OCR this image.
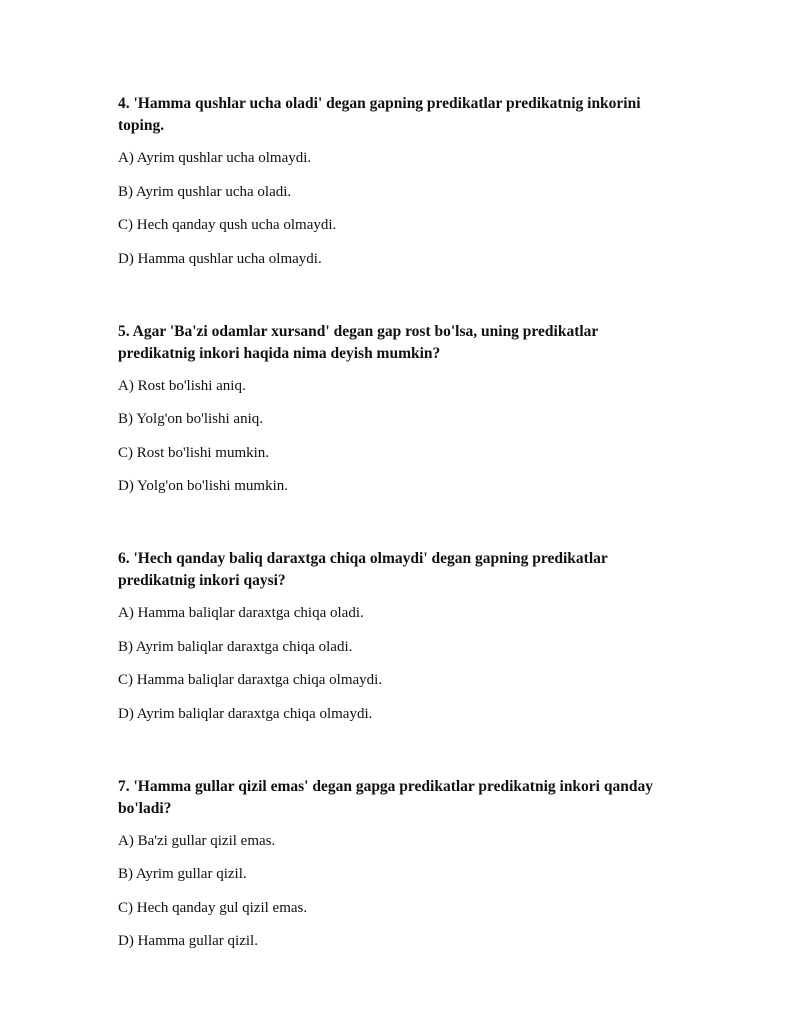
4. 'Hamma qushlar ucha oladi' degan gapning predikatlar predikatnig inkorini toping.
A) Ayrim qushlar ucha olmaydi.
B) Ayrim qushlar ucha oladi.
C) Hech qanday qush ucha olmaydi.
D) Hamma qushlar ucha olmaydi.
5. Agar 'Ba'zi odamlar xursand' degan gap rost bo'lsa, uning predikatlar predikatnig inkori haqida nima deyish mumkin?
A) Rost bo'lishi aniq.
B) Yolg'on bo'lishi aniq.
C) Rost bo'lishi mumkin.
D) Yolg'on bo'lishi mumkin.
6. 'Hech qanday baliq daraxtga chiqa olmaydi' degan gapning predikatlar predikatnig inkori qaysi?
A) Hamma baliqlar daraxtga chiqa oladi.
B) Ayrim baliqlar daraxtga chiqa oladi.
C) Hamma baliqlar daraxtga chiqa olmaydi.
D) Ayrim baliqlar daraxtga chiqa olmaydi.
7. 'Hamma gullar qizil emas' degan gapga predikatlar predikatnig inkori qanday bo'ladi?
A) Ba'zi gullar qizil emas.
B) Ayrim gullar qizil.
C) Hech qanday gul qizil emas.
D) Hamma gullar qizil.
